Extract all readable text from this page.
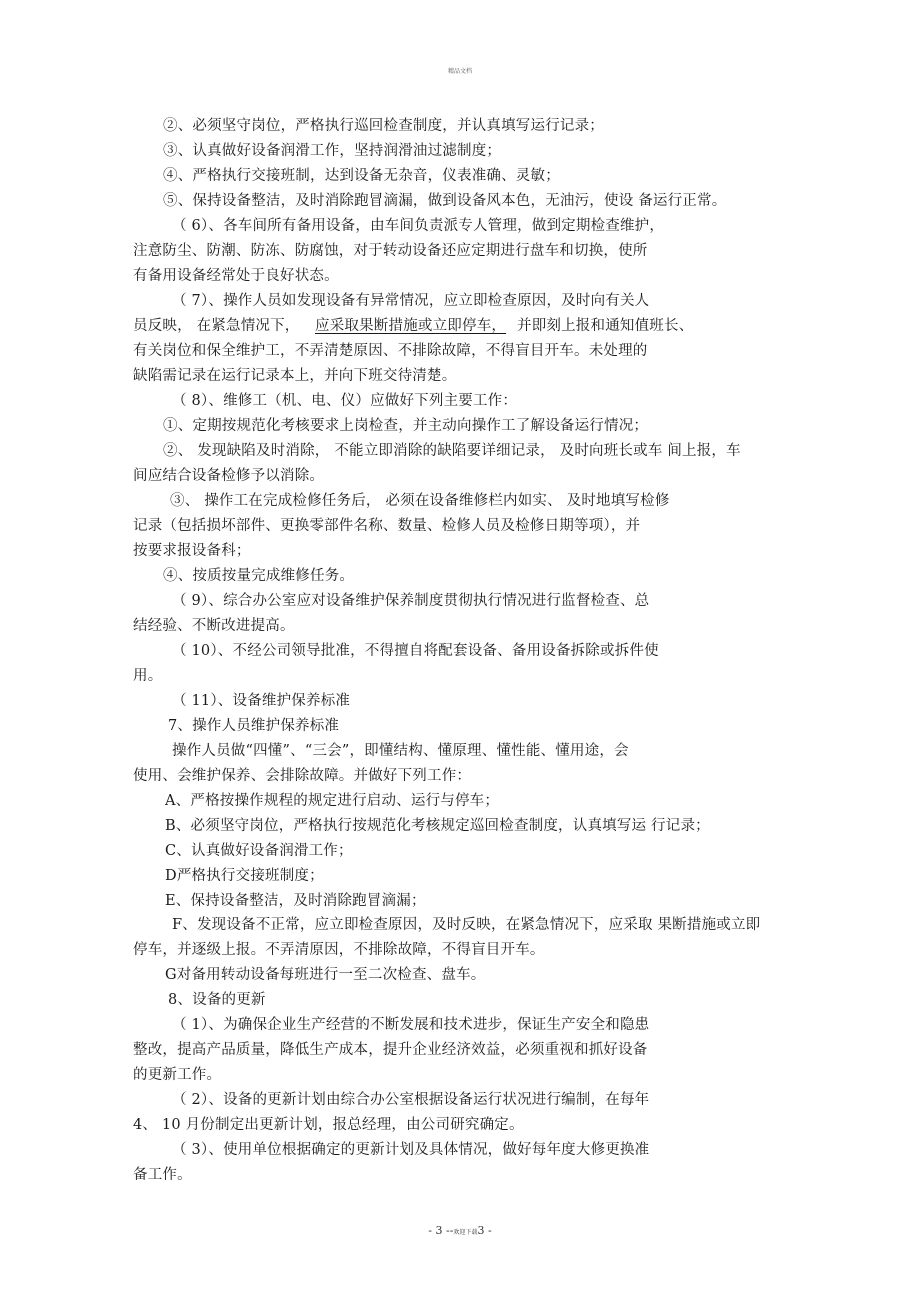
精品文档
②、必须坚守岗位，严格执行巡回检查制度，并认真填写运行记录；
③、认真做好设备润滑工作，坚持润滑油过滤制度；
④、严格执行交接班制，达到设备无杂音，仪表准确、灵敏；
⑤、保持设备整洁，及时消除跑冒滴漏，做到设备风本色，无油污，使设 备运行正常。
（ 6）、各车间所有备用设备，由车间负责派专人管理，做到定期检查维护，
注意防尘、防潮、防冻、防腐蚀，对于转动设备还应定期进行盘车和切换，使所
有备用设备经常处于良好状态。
（ 7）、操作人员如发现设备有异常情况，应立即检查原因，及时向有关人
员反映， 在紧急情况下， 应采取果断措施或立即停车， 并即刻上报和通知值班长、
有关岗位和保全维护工，不弄清楚原因、不排除故障，不得盲目开车。未处理的
缺陷需记录在运行记录本上，并向下班交待清楚。
（ 8）、维修工（机、电、仪）应做好下列主要工作：
①、定期按规范化考核要求上岗检查，并主动向操作工了解设备运行情况；
②、 发现缺陷及时消除， 不能立即消除的缺陷要详细记录， 及时向班长或车 间上报，车
间应结合设备检修予以消除。
③、 操作工在完成检修任务后， 必须在设备维修栏内如实、 及时地填写检修
记录（包括损坏部件、更换零部件名称、数量、检修人员及检修日期等项），并
按要求报设备科；
④、按质按量完成维修任务。
（ 9）、综合办公室应对设备维护保养制度贯彻执行情况进行监督检查、总
结经验、不断改进提高。
（ 10）、不经公司领导批准，不得擅自将配套设备、备用设备拆除或拆件使
用。
（ 11）、设备维护保养标准
7、操作人员维护保养标准
操作人员做“四懂”、“三会”，即懂结构、懂原理、懂性能、懂用途，会
使用、会维护保养、会排除故障。并做好下列工作：
A、严格按操作规程的规定进行启动、运行与停车；
B、必须坚守岗位，严格执行按规范化考核规定巡回检查制度，认真填写运 行记录；
C、认真做好设备润滑工作；
D严格执行交接班制度；
E、保持设备整洁，及时消除跑冒滴漏；
F、发现设备不正常，应立即检查原因，及时反映，在紧急情况下，应采取 果断措施或立即
停车，并逐级上报。不弄清原因，不排除故障，不得盲目开车。
G对备用转动设备每班进行一至二次检查、盘车。
8、设备的更新
（ 1）、为确保企业生产经营的不断发展和技术进步，保证生产安全和隐患
整改，提高产品质量，降低生产成本，提升企业经济效益，必须重视和抓好设备
的更新工作。
（ 2）、设备的更新计划由综合办公室根据设备运行状况进行编制，在每年
4、 10 月份制定出更新计划，报总经理，由公司研究确定。
（ 3）、使用单位根据确定的更新计划及具体情况，做好每年度大修更换准
备工作。
- 3 --欢迎下载3 -
